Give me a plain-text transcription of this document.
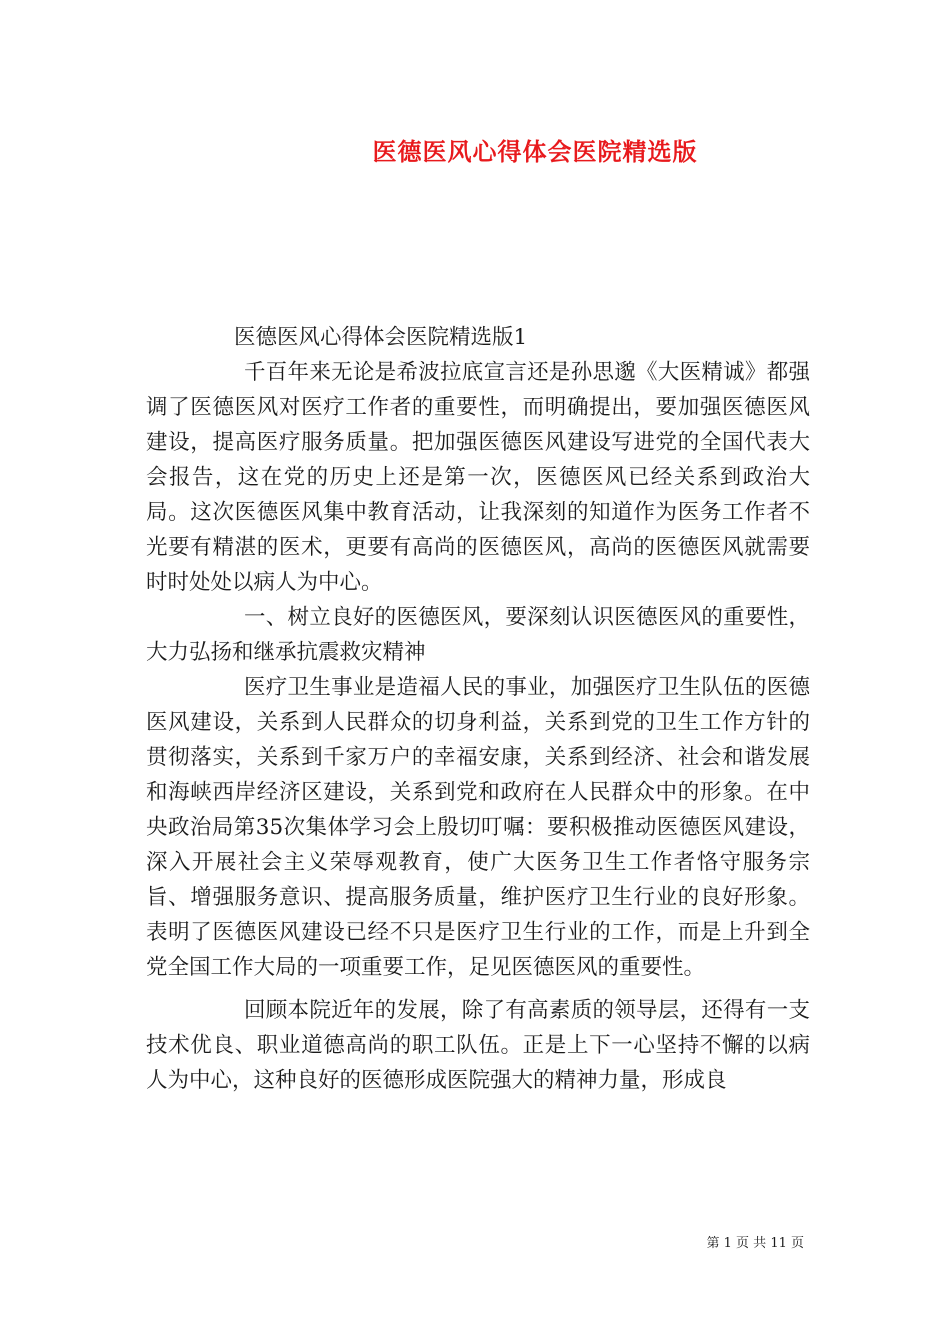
医德医风心得体会医院精选版

医德医风心得体会医院精选版1

千百年来无论是希波拉底宣言还是孙思邈《大医精诚》都强调了医德医风对医疗工作者的重要性，而明确提出，要加强医德医风建设，提高医疗服务质量。把加强医德医风建设写进党的全国代表大会报告，这在党的历史上还是第一次，医德医风已经关系到政治大局。这次医德医风集中教育活动，让我深刻的知道作为医务工作者不光要有精湛的医术，更要有高尚的医德医风，高尚的医德医风就需要时时处处以病人为中心。

一、树立良好的医德医风，要深刻认识医德医风的重要性，大力弘扬和继承抗震救灾精神

医疗卫生事业是造福人民的事业，加强医疗卫生队伍的医德医风建设，关系到人民群众的切身利益，关系到党的卫生工作方针的贯彻落实，关系到千家万户的幸福安康，关系到经济、社会和谐发展和海峡西岸经济区建设，关系到党和政府在人民群众中的形象。在中央政治局第35次集体学习会上殷切叮嘱：要积极推动医德医风建设，深入开展社会主义荣辱观教育，使广大医务卫生工作者恪守服务宗旨、增强服务意识、提高服务质量，维护医疗卫生行业的良好形象。表明了医德医风建设已经不只是医疗卫生行业的工作，而是上升到全党全国工作大局的一项重要工作，足见医德医风的重要性。

回顾本院近年的发展，除了有高素质的领导层，还得有一支技术优良、职业道德高尚的职工队伍。正是上下一心坚持不懈的以病人为中心，这种良好的医德形成医院强大的精神力量，形成良

第 1 页 共 11 页
